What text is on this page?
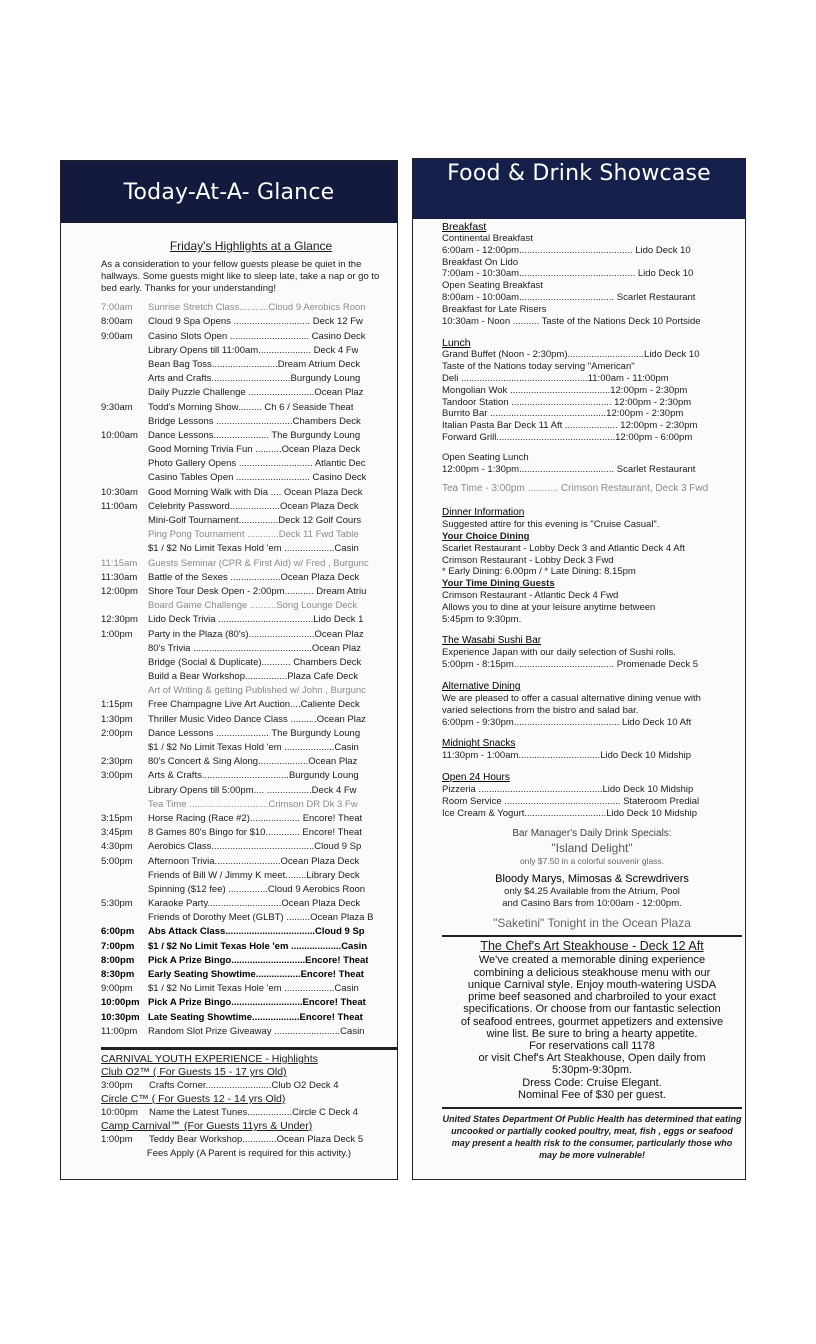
Today-At-A- Glance
Friday's Highlights at a Glance
As a consideration to your fellow guests please be quiet in the hallways. Some guests might like to sleep late, take a nap or go to bed early. Thanks for your understanding!
7:00am	Sunrise Stretch Class...........Cloud 9 Aerobics Roon
8:00am	Cloud 9 Spa Opens ............................. Deck 12 Fw
9:00am	Casino Slots Open .............................. Casino Deck
Library Opens till 11:00am.................... Deck 4 Fw
Bean Bag Toss.........................Dream Atrium Deck
Arts and Crafts..............................Burgundy Loung
Daily Puzzle Challenge .........................Ocean Plaz
9:30am	Todd's Morning Show......... Ch 6 / Seaside Theat
Bridge Lessons .............................Chambers Deck
10:00am	Dance Lessons..................... The Burgundy Loung
Good Morning Trivia Fun ..........Ocean Plaza Deck
Photo Gallery Opens ............................ Atlantic Dec
Casino Tables Open ............................ Casino Deck
10:30am	Good Morning Walk with Dia .... Ocean Plaza Deck
11:00am	Celebrity Password...................Ocean Plaza Deck
Mini-Golf Tournament...............Deck 12 Golf Cours
Ping Pong Tournament ............Deck 11 Fwd Table
$1 / $2 No Limit Texas Hold 'em ...................Casin
11:15am	Guests Seminar (CPR & First Aid) w/ Fred , Burgunc
11:30am	Battle of the Sexes ...................Ocean Plaza Deck
12:00pm	Shore Tour Desk Open - 2:00pm........... Dream Atriu
Board Game Challenge ..........Song Lounge Deck
12:30pm	Lido Deck Trivia ....................................Lido Deck 1
1:00pm	Party in the Plaza (80's).........................Ocean Plaz
80's Trivia .............................................Ocean Plaz
Bridge (Social & Duplicate)........... Chambers Deck
Build a Bear Workshop................Plaza Cafe Deck
Art of Writing & getting Published w/ John , Burgunc
1:15pm	Free Champagne Live Art Auction....Caliente Deck
1:30pm	Thriller Music Video Dance Class ..........Ocean Plaz
2:00pm	Dance Lessons .................... The Burgundy Loung
$1 / $2 No Limit Texas Hold 'em ...................Casin
2:30pm	80's Concert & Sing Along...................Ocean Plaz
3:00pm	Arts & Crafts.................................Burgundy Loung
Library Opens till 5:00pm.... .................Deck 4 Fw
Tea Time ..............................Crimson DR Dk 3 Fw
3:15pm	Horse Racing (Race #2)................... Encore! Theat
3:45pm	8 Games 80's Bingo for $10............. Encore! Theat
4:30pm	Aerobics Class.......................................Cloud 9 Sp
5:00pm	Afternoon Trivia.........................Ocean Plaza Deck
Friends of Bill W / Jimmy K meet........Library Deck
Spinning ($12 fee) ...............Cloud 9 Aerobics Roon
5:30pm	Karaoke Party............................Ocean Plaza Deck
Friends of Dorothy Meet (GLBT) .........Ocean Plaza B
6:00pm	Abs Attack Class..................................Cloud 9 Sp
7:00pm	$1 / $2 No Limit Texas Hole 'em ...................Casin
8:00pm	Pick A Prize Bingo............................Encore! Theat
8:30pm	Early Seating Showtime.................Encore! Theat
9:00pm	$1 / $2 No Limit Texas Hole 'em ...................Casin
10:00pm Pick A Prize Bingo...........................Encore! Theat
10:30pm Late Seating Showtime..................Encore! Theat
11:00pm	Random Slot Prize Giveaway .........................Casin
CARNIVAL YOUTH EXPERIENCE - Highlights
Club O2™ ( For Guests 15 - 17 yrs Old)
3:00pm	Crafts Corner.........................Club O2 Deck 4
Circle C™ ( For Guests 12 - 14 yrs Old)
10:00pm	Name the Latest Tunes.................Circle C Deck 4
Camp Carnival℠ (For Guests 11yrs & Under)
1:00pm	Teddy Bear Workshop.............Ocean Plaza Deck 5
Fees Apply (A Parent is required for this activity.)
Food & Drink Showcase
Breakfast
Continental Breakfast
6:00am - 12:00pm........................................... Lido Deck 10
Breakfast On Lido
7:00am - 10:30am............................................ Lido Deck 10
Open Seating Breakfast
8:00am - 10:00am.................................... Scarlet Restaurant
Breakfast for Late Risers
10:30am - Noon .......... Taste of the Nations Deck 10 Portside
Lunch
Grand Buffet (Noon - 2:30pm).............................Lido Deck 10
Taste of the Nations today serving "American"
Deli ................................................11:00am - 11:00pm
Mongolian Wok ......................................12:00pm - 2:30pm
Tandoor Station ...................................... 12:00pm - 2:30pm
Burrito Bar ............................................12:00pm - 2:30pm
Italian Pasta Bar Deck 11 Aft .................... 12:00pm - 2:30pm
Forward Grill.............................................12:00pm - 6:00pm
Open Seating Lunch
12:00pm - 1:30pm.................................... Scarlet Restaurant
Tea Time - 3:00pm ........... Crimson Restaurant, Deck 3 Fwd
Dinner Information
Suggested attire for this evening is "Cruise Casual".
Your Choice Dining
Scarlet Restaurant - Lobby Deck 3 and Atlantic Deck 4 Aft
Crimson Restaurant - Lobby Deck 3 Fwd
* Early Dining: 6.00pm / * Late Dining: 8.15pm
Your Time Dining Guests
Crimson Restaurant - Atlantic Deck 4 Fwd
Allows you to dine at your leisure anytime between
5:45pm to 9:30pm.
The Wasabi Sushi Bar
Experience Japan with our daily selection of Sushi rolls.
5:00pm - 8:15pm...................................... Promenade Deck 5
Alternative Dining
We are pleased to offer a casual alternative dining venue with
varied selections from the bistro and salad bar.
6:00pm - 9:30pm........................................ Lido Deck 10 Aft
Midnight Snacks
11:30pm - 1:00am...............................Lido Deck 10 Midship
Open 24 Hours
Pizzeria ...............................................Lido Deck 10 Midship
Room Service ............................................ Stateroom Predial
Ice Cream & Yogurt...............................Lido Deck 10 Midship
Bar Manager's Daily Drink Specials:
"Island Delight"
only $7.50 in a colorful souvenir glass.
Bloody Marys, Mimosas & Screwdrivers
only $4.25 Available from the Atrium, Pool
and Casino Bars from 10:00am - 12:00pm.
"Saketini" Tonight in the Ocean Plaza
The Chef's Art Steakhouse - Deck 12 Aft
We've created a memorable dining experience
combining a delicious steakhouse menu with our
unique Carnival style. Enjoy mouth-watering USDA
prime beef seasoned and charbroiled to your exact
specifications. Or choose from our fantastic selection
of seafood entrees, gourmet appetizers and extensive
wine list. Be sure to bring a hearty appetite.
For reservations call 1178
or visit Chef's Art Steakhouse, Open daily from
5:30pm-9:30pm.
Dress Code: Cruise Elegant.
Nominal Fee of $30 per guest.
United States Department Of Public Health has determined that eating uncooked or partially cooked poultry, meat, fish , eggs or seafood may present a health risk to the consumer, particularly those who may be more vulnerable!
